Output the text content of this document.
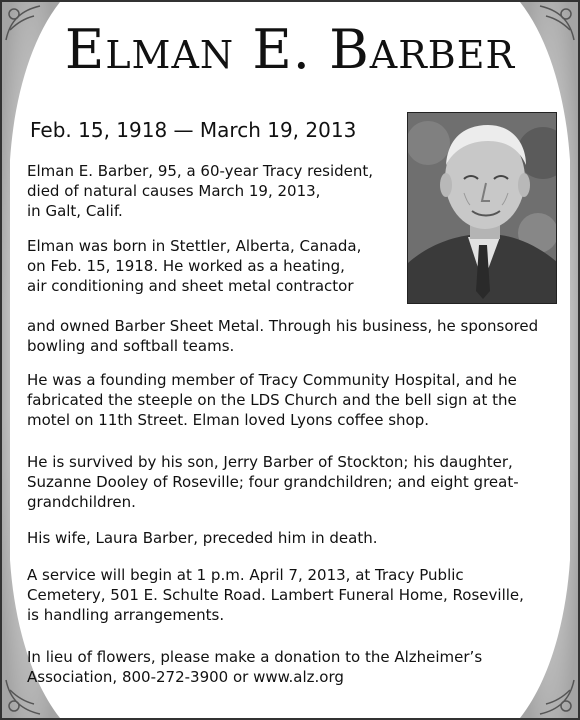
Elman E. Barber
Feb. 15, 1918 — March 19, 2013

Elman E. Barber, 95, a 60-year Tracy resident,
died of natural causes March 19, 2013,
in Galt, Calif.

Elman was born in Stettler, Alberta, Canada,
on Feb. 15, 1918. He worked as a heating,
air conditioning and sheet metal contractor

and owned Barber Sheet Metal. Through his business, he sponsored
bowling and softball teams.

He was a founding member of Tracy Community Hospital, and he
fabricated the steeple on the LDS Church and the bell sign at the
motel on 11th Street. Elman loved Lyons coffee shop.

He is survived by his son, Jerry Barber of Stockton; his daughter,
Suzanne Dooley of Roseville; four grandchildren; and eight great-
grandchildren.

His wife, Laura Barber, preceded him in death.

A service will begin at 1 p.m. April 7, 2013, at Tracy Public
Cemetery, 501 E. Schulte Road. Lambert Funeral Home, Roseville,
is handling arrangements.

In lieu of flowers, please make a donation to the Alzheimer’s
Association, 800-272-3900 or www.alz.org
